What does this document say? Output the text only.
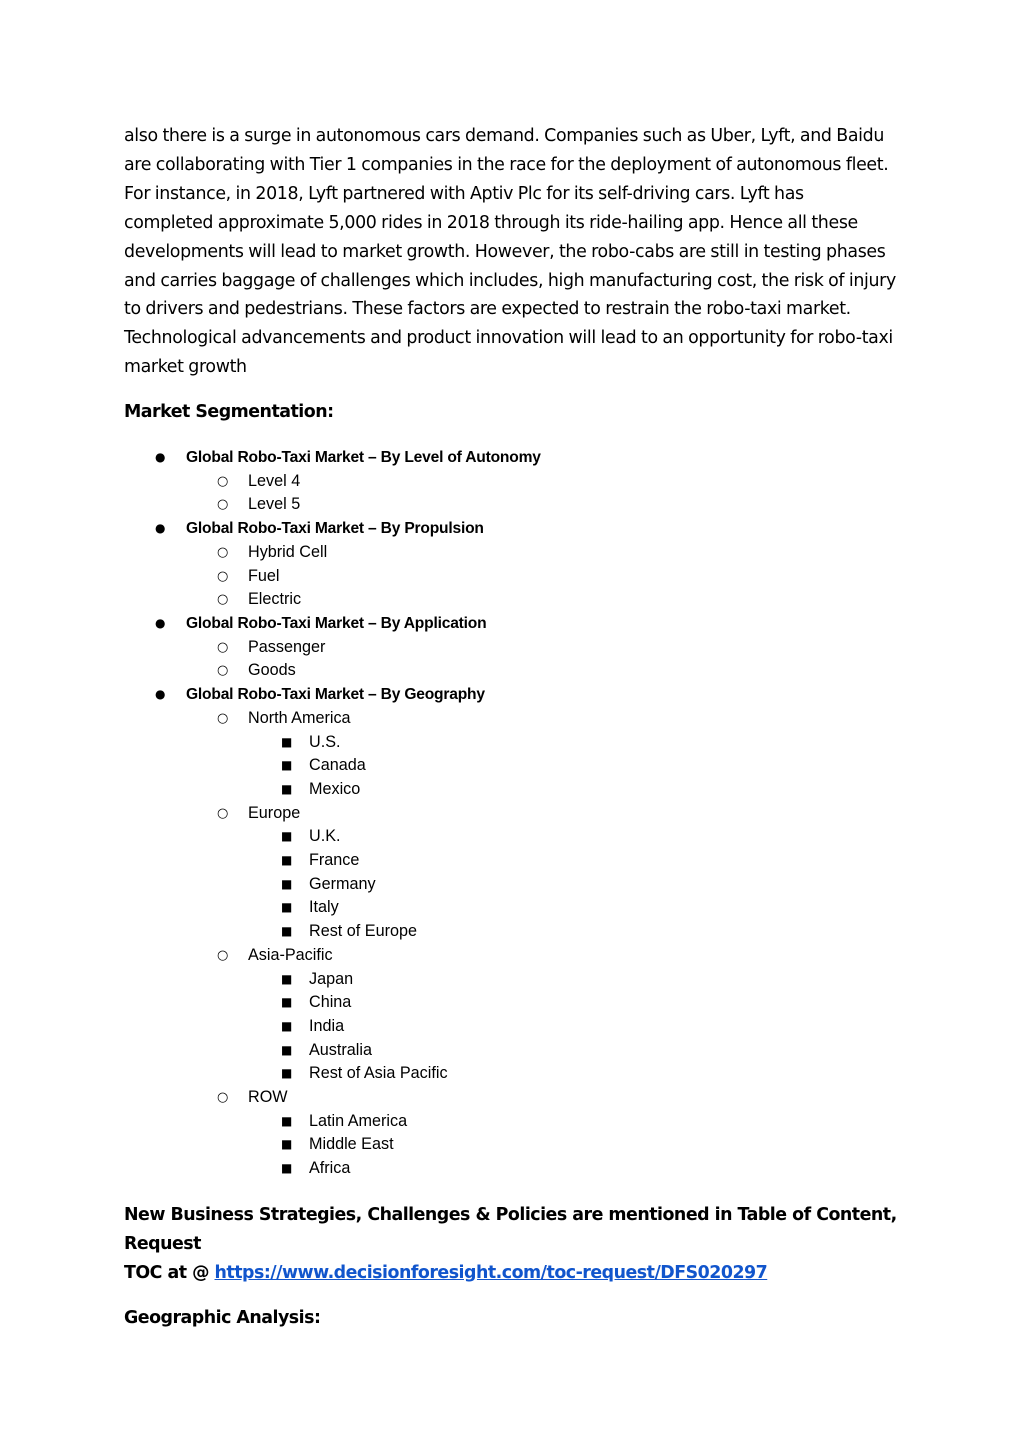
also there is a surge in autonomous cars demand. Companies such as Uber, Lyft, and Baidu
are collaborating with Tier 1 companies in the race for the deployment of autonomous fleet.
For instance, in 2018, Lyft partnered with Aptiv Plc for its self-driving cars. Lyft has
completed approximate 5,000 rides in 2018 through its ride-hailing app. Hence all these
developments will lead to market growth. However, the robo-cabs are still in testing phases
and carries baggage of challenges which includes, high manufacturing cost, the risk of injury
to drivers and pedestrians. These factors are expected to restrain the robo-taxi market.
Technological advancements and product innovation will lead to an opportunity for robo-taxi
market growth
Market Segmentation:
● Global Robo-Taxi Market – By Level of Autonomy
○ Level 4
○ Level 5
● Global Robo-Taxi Market – By Propulsion
○ Hybrid Cell
○ Fuel
○ Electric
● Global Robo-Taxi Market – By Application
○ Passenger
○ Goods
● Global Robo-Taxi Market – By Geography
○ North America
■ U.S.
■ Canada
■ Mexico
○ Europe
■ U.K.
■ France
■ Germany
■ Italy
■ Rest of Europe
○ Asia-Pacific
■ Japan
■ China
■ India
■ Australia
■ Rest of Asia Pacific
○ ROW
■ Latin America
■ Middle East
■ Africa
New Business Strategies, Challenges & Policies are mentioned in Table of Content, Request
TOC at @ https://www.decisionforesight.com/toc-request/DFS020297
Geographic Analysis:
